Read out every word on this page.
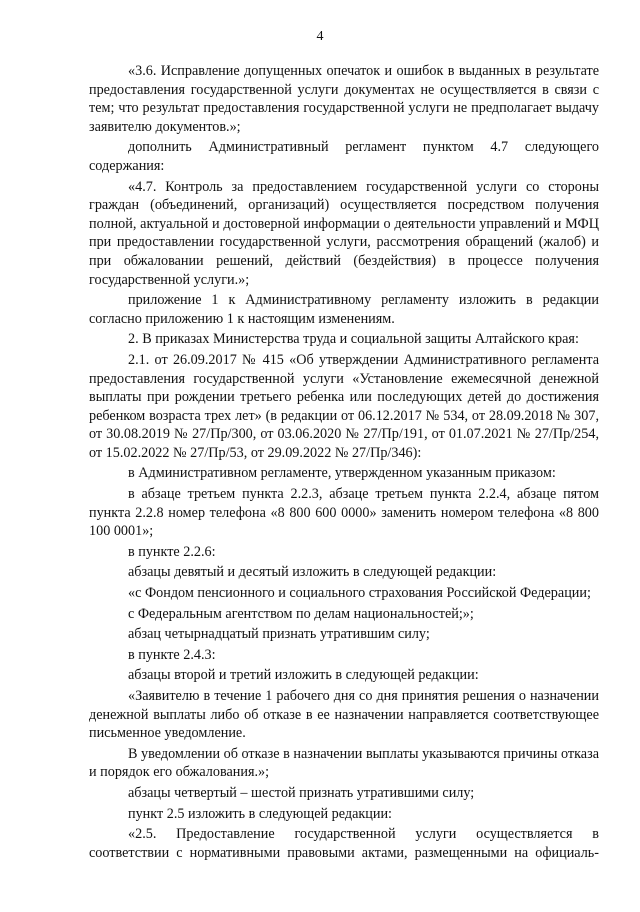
4

«3.6. Исправление допущенных опечаток и ошибок в выданных в результате предоставления государственной услуги документах не осуществляется в связи с тем; что результат предоставления государственной услуги не предполагает выдачу заявителю документов.»;

дополнить Административный регламент пунктом 4.7 следующего содержания:

«4.7. Контроль за предоставлением государственной услуги со стороны граждан (объединений, организаций) осуществляется посредством получения полной, актуальной и достоверной информации о деятельности управлений и МФЦ при предоставлении государственной услуги, рассмотрения обращений (жалоб) и при обжаловании решений, действий (бездействия) в процессе получения государственной услуги.»;

приложение 1 к Административному регламенту изложить в редакции согласно приложению 1 к настоящим изменениям.

2. В приказах Министерства труда и социальной защиты Алтайского края:

2.1. от 26.09.2017 № 415 «Об утверждении Административного регламента предоставления государственной услуги «Установление ежемесячной денежной выплаты при рождении третьего ребенка или последующих детей до достижения ребенком возраста трех лет» (в редакции от 06.12.2017 № 534, от 28.09.2018 № 307, от 30.08.2019 № 27/Пр/300, от 03.06.2020 № 27/Пр/191, от 01.07.2021 № 27/Пр/254, от 15.02.2022 № 27/Пр/53, от 29.09.2022 № 27/Пр/346):

в Административном регламенте, утвержденном указанным приказом:

в абзаце третьем пункта 2.2.3, абзаце третьем пункта 2.2.4, абзаце пятом пункта 2.2.8 номер телефона «8 800 600 0000» заменить номером телефона «8 800 100 0001»;

в пункте 2.2.6:

абзацы девятый и десятый изложить в следующей редакции:

«с Фондом пенсионного и социального страхования Российской Федерации;

с Федеральным агентством по делам национальностей;»;

абзац четырнадцатый признать утратившим силу;

в пункте 2.4.3:

абзацы второй и третий изложить в следующей редакции:

«Заявителю в течение 1 рабочего дня со дня принятия решения о назначении денежной выплаты либо об отказе в ее назначении направляется соответствующее письменное уведомление.

В уведомлении об отказе в назначении выплаты указываются причины отказа и порядок его обжалования.»;

абзацы четвертый – шестой признать утратившими силу;

пункт 2.5 изложить в следующей редакции:

«2.5. Предоставление государственной услуги осуществляется в соответствии с нормативными правовыми актами, размещенными на официаль-
